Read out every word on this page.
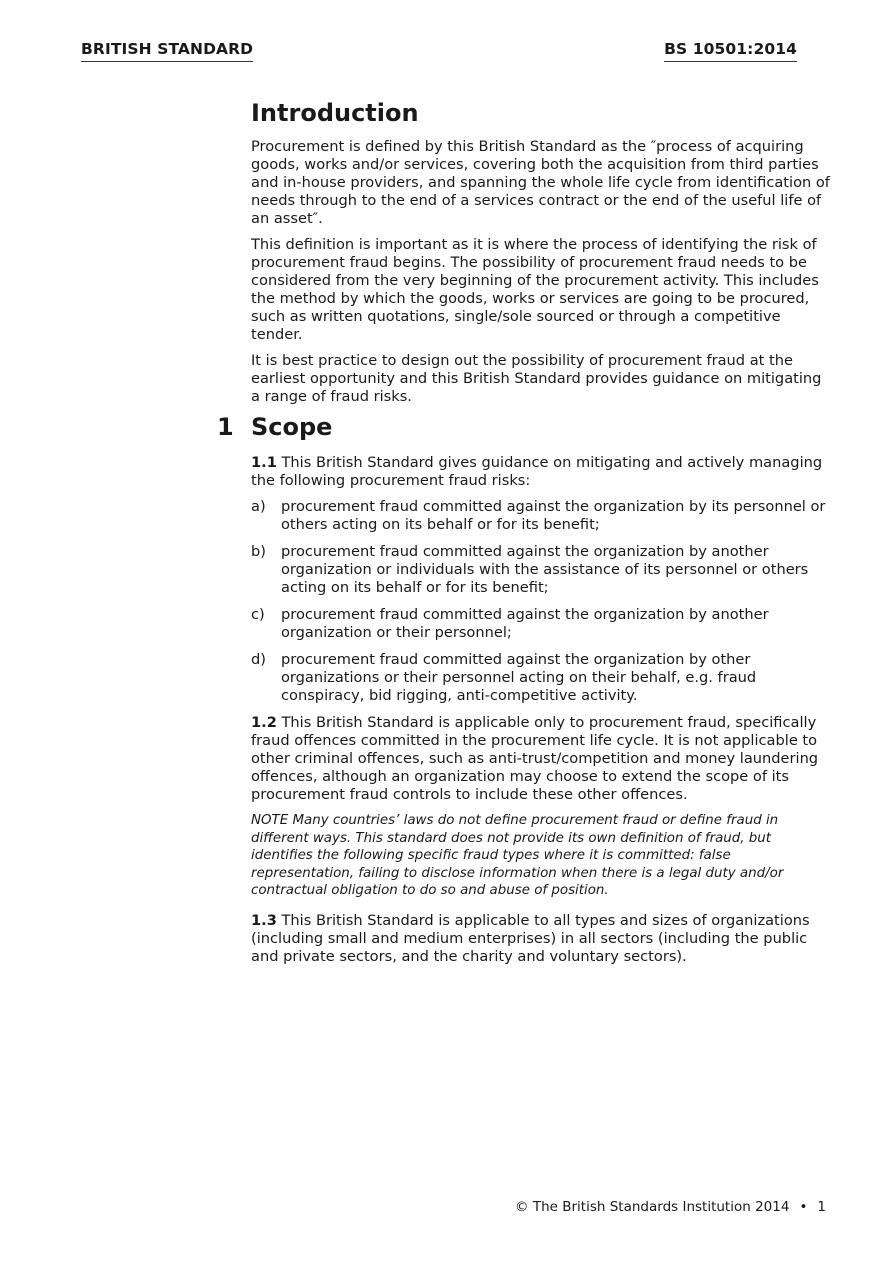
BRITISH STANDARD	BS 10501:2014
Introduction

Procurement is defined by this British Standard as the ″process of acquiring goods, works and/or services, covering both the acquisition from third parties and in-house providers, and spanning the whole life cycle from identification of needs through to the end of a services contract or the end of the useful life of an asset″.

This definition is important as it is where the process of identifying the risk of procurement fraud begins. The possibility of procurement fraud needs to be considered from the very beginning of the procurement activity. This includes the method by which the goods, works or services are going to be procured, such as written quotations, single/sole sourced or through a competitive tender.

It is best practice to design out the possibility of procurement fraud at the earliest opportunity and this British Standard provides guidance on mitigating a range of fraud risks.

1 Scope

1.1 This British Standard gives guidance on mitigating and actively managing the following procurement fraud risks:

a) procurement fraud committed against the organization by its personnel or others acting on its behalf or for its benefit;
b) procurement fraud committed against the organization by another organization or individuals with the assistance of its personnel or others acting on its behalf or for its benefit;
c) procurement fraud committed against the organization by another organization or their personnel;
d) procurement fraud committed against the organization by other organizations or their personnel acting on their behalf, e.g. fraud conspiracy, bid rigging, anti-competitive activity.

1.2 This British Standard is applicable only to procurement fraud, specifically fraud offences committed in the procurement life cycle. It is not applicable to other criminal offences, such as anti-trust/competition and money laundering offences, although an organization may choose to extend the scope of its procurement fraud controls to include these other offences.

NOTE Many countries’ laws do not define procurement fraud or define fraud in different ways. This standard does not provide its own definition of fraud, but identifies the following specific fraud types where it is committed: false representation, failing to disclose information when there is a legal duty and/or contractual obligation to do so and abuse of position.

1.3 This British Standard is applicable to all types and sizes of organizations (including small and medium enterprises) in all sectors (including the public and private sectors, and the charity and voluntary sectors).

© The British Standards Institution 2014 • 1
